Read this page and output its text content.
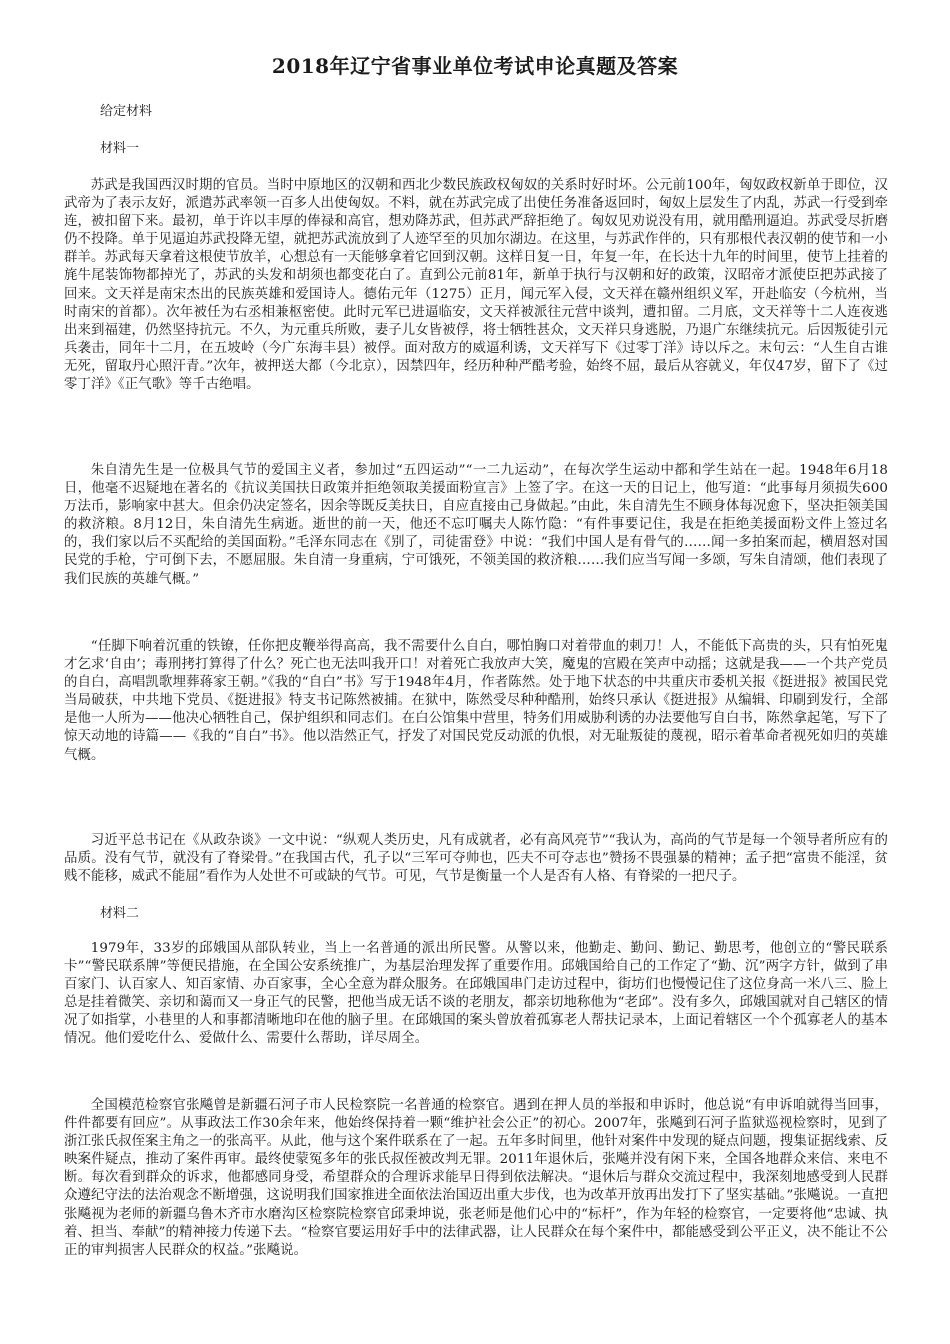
2018年辽宁省事业单位考试申论真题及答案

给定材料

材料一

苏武是我国西汉时期的官员。当时中原地区的汉朝和西北少数民族政权匈奴的关系时好时坏。公元前100年，匈奴政权新单于即位，汉武帝为了表示友好，派遣苏武率领一百多人出使匈奴。不料，就在苏武完成了出使任务准备返回时，匈奴上层发生了内乱，苏武一行受到牵连，被扣留下来。最初，单于许以丰厚的俸禄和高官，想劝降苏武，但苏武严辞拒绝了。匈奴见劝说没有用，就用酷刑逼迫。苏武受尽折磨仍不投降。单于见逼迫苏武投降无望，就把苏武流放到了人迹罕至的贝加尔湖边。在这里，与苏武作伴的，只有那根代表汉朝的使节和一小群羊。苏武每天拿着这根使节放羊，心想总有一天能够拿着它回到汉朝。这样日复一日，年复一年，在长达十九年的时间里，使节上挂着的旄牛尾装饰物都掉光了，苏武的头发和胡须也都变花白了。直到公元前81年，新单于执行与汉朝和好的政策，汉昭帝才派使臣把苏武接了回来。文天祥是南宋杰出的民族英雄和爱国诗人。德佑元年（1275）正月，闻元军入侵，文天祥在赣州组织义军，开赴临安（今杭州，当时南宋的首都）。次年被任为右丞相兼枢密使。此时元军已进逼临安，文天祥被派往元营中谈判，遭扣留。二月底，文天祥等十二人连夜逃出来到福建，仍然坚持抗元。不久，为元重兵所败，妻子儿女皆被俘，将士牺牲甚众，文天祥只身逃脱，乃退广东继续抗元。后因叛徒引元兵袭击，同年十二月，在五坡岭（今广东海丰县）被俘。面对敌方的威逼利诱，文天祥写下《过零丁洋》诗以斥之。末句云：“人生自古谁无死，留取丹心照汗青。”次年，被押送大都（今北京），因禁四年，经历种种严酷考验，始终不屈，最后从容就义，年仅47岁，留下了《过零丁洋》《正气歌》等千古绝唱。

朱自清先生是一位极具气节的爱国主义者，参加过“五四运动”“一二九运动”，在每次学生运动中都和学生站在一起。1948年6月18日，他毫不迟疑地在著名的《抗议美国扶日政策并拒绝领取美援面粉宣言》上签了字。在这一天的日记上，他写道：“此事每月须损失600万法币，影响家中甚大。但余仍决定签名，因余等既反美扶日，自应直接由己身做起。”由此，朱自清先生不顾身体每况愈下，坚决拒领美国的救济粮。8月12日，朱自清先生病逝。逝世的前一天，他还不忘叮嘱夫人陈竹隐：“有件事要记住，我是在拒绝美援面粉文件上签过名的，我们家以后不买配给的美国面粉。”毛泽东同志在《别了，司徒雷登》中说：“我们中国人是有骨气的……闻一多拍案而起，横眉怒对国民党的手枪，宁可倒下去，不愿屈服。朱自清一身重病，宁可饿死，不领美国的救济粮……我们应当写闻一多颂，写朱自清颂，他们表现了我们民族的英雄气概。”

“任脚下响着沉重的铁镣，任你把皮鞭举得高高，我不需要什么自白，哪怕胸口对着带血的刺刀！人，不能低下高贵的头，只有怕死鬼才乞求‘自由’；毒刑拷打算得了什么？死亡也无法叫我开口！对着死亡我放声大笑，魔鬼的宫殿在笑声中动摇；这就是我——一个共产党员的自白，高唱凯歌埋葬蒋家王朝。”《我的“自白”书》写于1948年4月，作者陈然。处于地下状态的中共重庆市委机关报《挺进报》被国民党当局破获，中共地下党员、《挺进报》特支书记陈然被捕。在狱中，陈然受尽种种酷刑，始终只承认《挺进报》从编辑、印刷到发行，全部是他一人所为——他决心牺牲自己，保护组织和同志们。在白公馆集中营里，特务们用威胁利诱的办法要他写自白书，陈然拿起笔，写下了惊天动地的诗篇——《我的“自白”书》。他以浩然正气，抒发了对国民党反动派的仇恨，对无耻叛徒的蔑视，昭示着革命者视死如归的英雄气概。

习近平总书记在《从政杂谈》一文中说：“纵观人类历史，凡有成就者，必有高风亮节”“我认为，高尚的气节是每一个领导者所应有的品质。没有气节，就没有了脊梁骨。”在我国古代，孔子以“三军可夺帅也，匹夫不可夺志也”赞扬不畏强暴的精神；孟子把“富贵不能淫，贫贱不能移，威武不能屈”看作为人处世不可或缺的气节。可见，气节是衡量一个人是否有人格、有脊梁的一把尺子。

材料二

1979年，33岁的邱娥国从部队转业，当上一名普通的派出所民警。从警以来，他勤走、勤问、勤记、勤思考，他创立的“警民联系卡”“警民联系牌”等便民措施，在全国公安系统推广，为基层治理发挥了重要作用。邱娥国给自己的工作定了“勤、沉”两字方针，做到了串百家门、认百家人、知百家情、办百家事，全心全意为群众服务。在邱娥国串门走访过程中，街坊们也慢慢记住了这位身高一米八三、脸上总是挂着微笑、亲切和蔼而又一身正气的民警，把他当成无话不谈的老朋友，都亲切地称他为“老邱”。没有多久，邱娥国就对自己辖区的情况了如指掌，小巷里的人和事都清晰地印在他的脑子里。在邱娥国的案头曾放着孤寡老人帮扶记录本，上面记着辖区一个个孤寡老人的基本情况。他们爱吃什么、爱做什么、需要什么帮助，详尽周全。

全国模范检察官张飚曾是新疆石河子市人民检察院一名普通的检察官。遇到在押人员的举报和申诉时，他总说“有申诉咱就得当回事，件件都要有回应”。从事政法工作30余年来，他始终保持着一颗“维护社会公正”的初心。2007年，张飚到石河子监狱巡视检察时，见到了浙江张氏叔侄案主角之一的张高平。从此，他与这个案件联系在了一起。五年多时间里，他针对案件中发现的疑点问题，搜集证据线索、反映案件疑点，推动了案件再审。最终使蒙冤多年的张氏叔侄被改判无罪。2011年退休后，张飚并没有闲下来，全国各地群众来信、来电不断。每次看到群众的诉求，他都感同身受，希望群众的合理诉求能早日得到依法解决。“退休后与群众交流过程中，我深刻地感受到人民群众遵纪守法的法治观念不断增强，这说明我们国家推进全面依法治国迈出重大步伐，也为改革开放再出发打下了坚实基础。”张飚说。一直把张飚视为老师的新疆乌鲁木齐市水磨沟区检察院检察官邱秉坤说，张老师是他们心中的“标杆”，作为年轻的检察官，一定要将他“忠诚、执着、担当、奉献”的精神接力传递下去。“检察官要运用好手中的法律武器，让人民群众在每个案件中，都能感受到公平正义，决不能让不公正的审判损害人民群众的权益。”张飚说。
